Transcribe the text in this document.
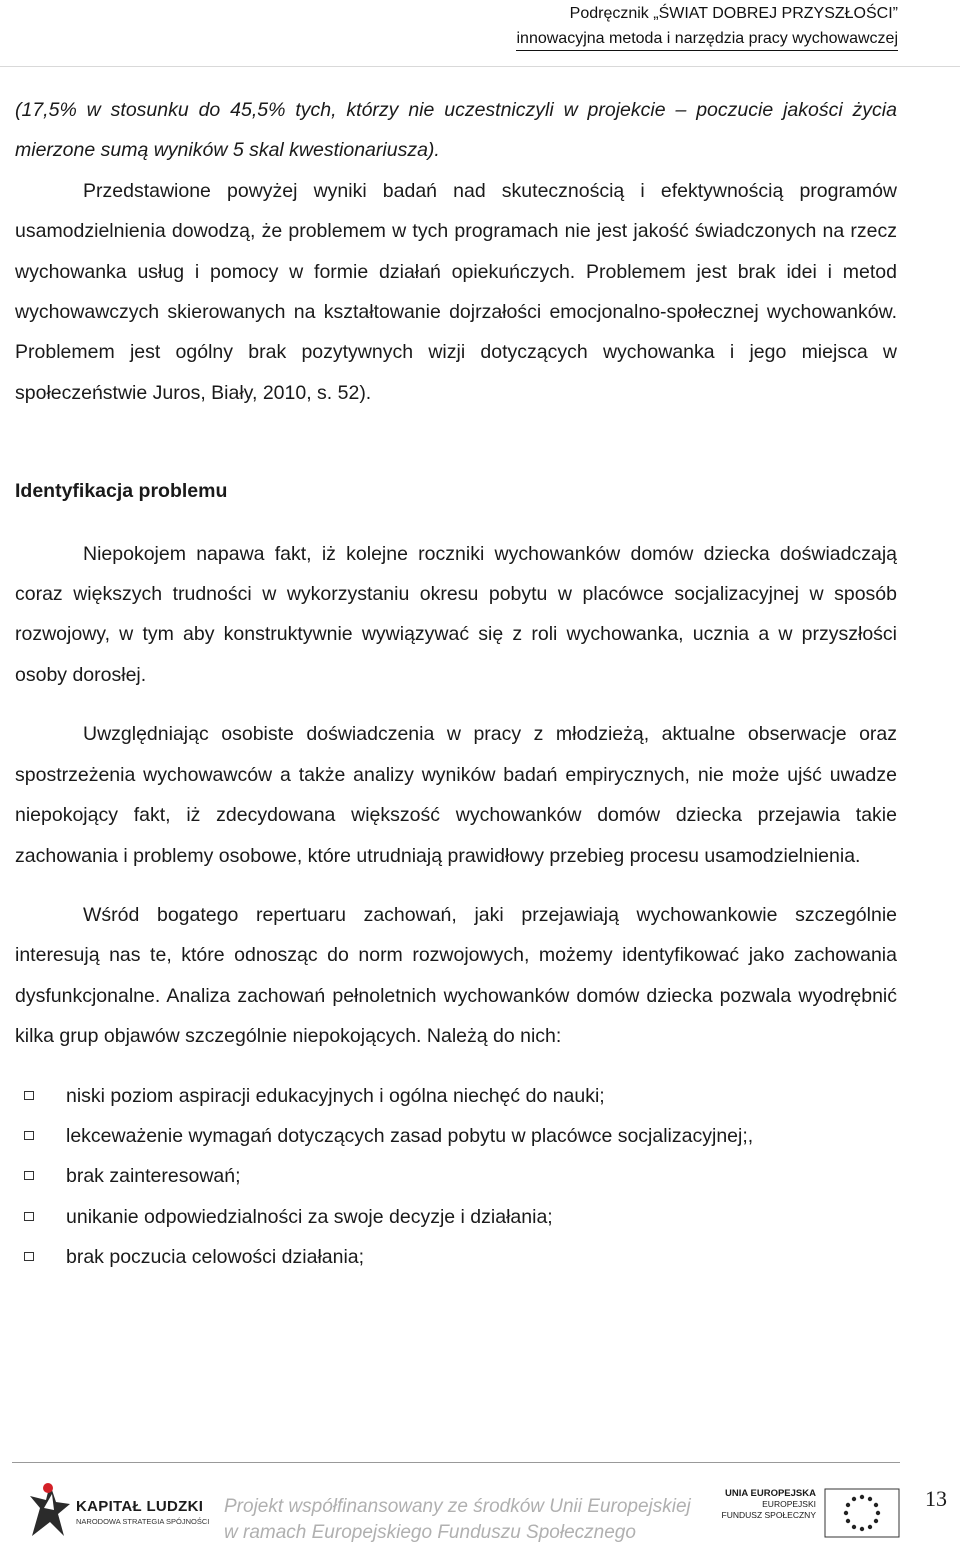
Podręcznik „ŚWIAT DOBREJ PRZYSZŁOŚCI”
innowacyjna metoda i narzędzia pracy wychowawczej

(17,5% w stosunku do 45,5% tych, którzy nie uczestniczyli w projekcie – poczucie jakości życia mierzone sumą wyników 5 skal kwestionariusza).

Przedstawione powyżej wyniki badań nad skutecznością i efektywnością programów usamodzielnienia dowodzą, że problemem w tych programach nie jest jakość świadczonych na rzecz wychowanka usług i pomocy w formie działań opiekuńczych. Problemem jest brak idei i metod wychowawczych skierowanych na kształtowanie dojrzałości emocjonalno-społecznej wychowanków. Problemem jest ogólny brak pozytywnych wizji dotyczących wychowanka i jego miejsca w społeczeństwie Juros, Biały, 2010, s. 52).

Identyfikacja problemu

Niepokojem napawa fakt, iż kolejne roczniki wychowanków domów dziecka doświadczają coraz większych trudności w wykorzystaniu okresu pobytu w placówce socjalizacyjnej w sposób rozwojowy, w tym aby konstruktywnie wywiązywać się z roli wychowanka, ucznia a w przyszłości osoby dorosłej.

Uwzględniając osobiste doświadczenia w pracy z młodzieżą, aktualne obserwacje oraz spostrzeżenia wychowawców a także analizy wyników badań empirycznych, nie może ujść uwadze niepokojący fakt, iż zdecydowana większość wychowanków domów dziecka przejawia takie zachowania i problemy osobowe, które utrudniają prawidłowy przebieg procesu usamodzielnienia.

Wśród bogatego repertuaru zachowań, jaki przejawiają wychowankowie szczególnie interesują nas te, które odnosząc do norm rozwojowych, możemy identyfikować jako zachowania dysfunkcjonalne. Analiza zachowań pełnoletnich wychowanków domów dziecka pozwala wyodrębnić kilka grup objawów szczególnie niepokojących. Należą do nich:

niski poziom aspiracji edukacyjnych i ogólna niechęć do nauki;
lekceważenie wymagań dotyczących zasad pobytu w placówce socjalizacyjnej;,
brak zainteresowań;
unikanie odpowiedzialności za swoje decyzje i działania;
brak poczucia celowości działania;
KAPITAŁ LUDZKI
NARODOWA STRATEGIA SPÓJNOŚCI
Projekt współfinansowany ze środków Unii Europejskiej
w ramach Europejskiego Funduszu Społecznego
UNIA EUROPEJSKA
EUROPEJSKI
FUNDUSZ SPOŁECZNY
13
